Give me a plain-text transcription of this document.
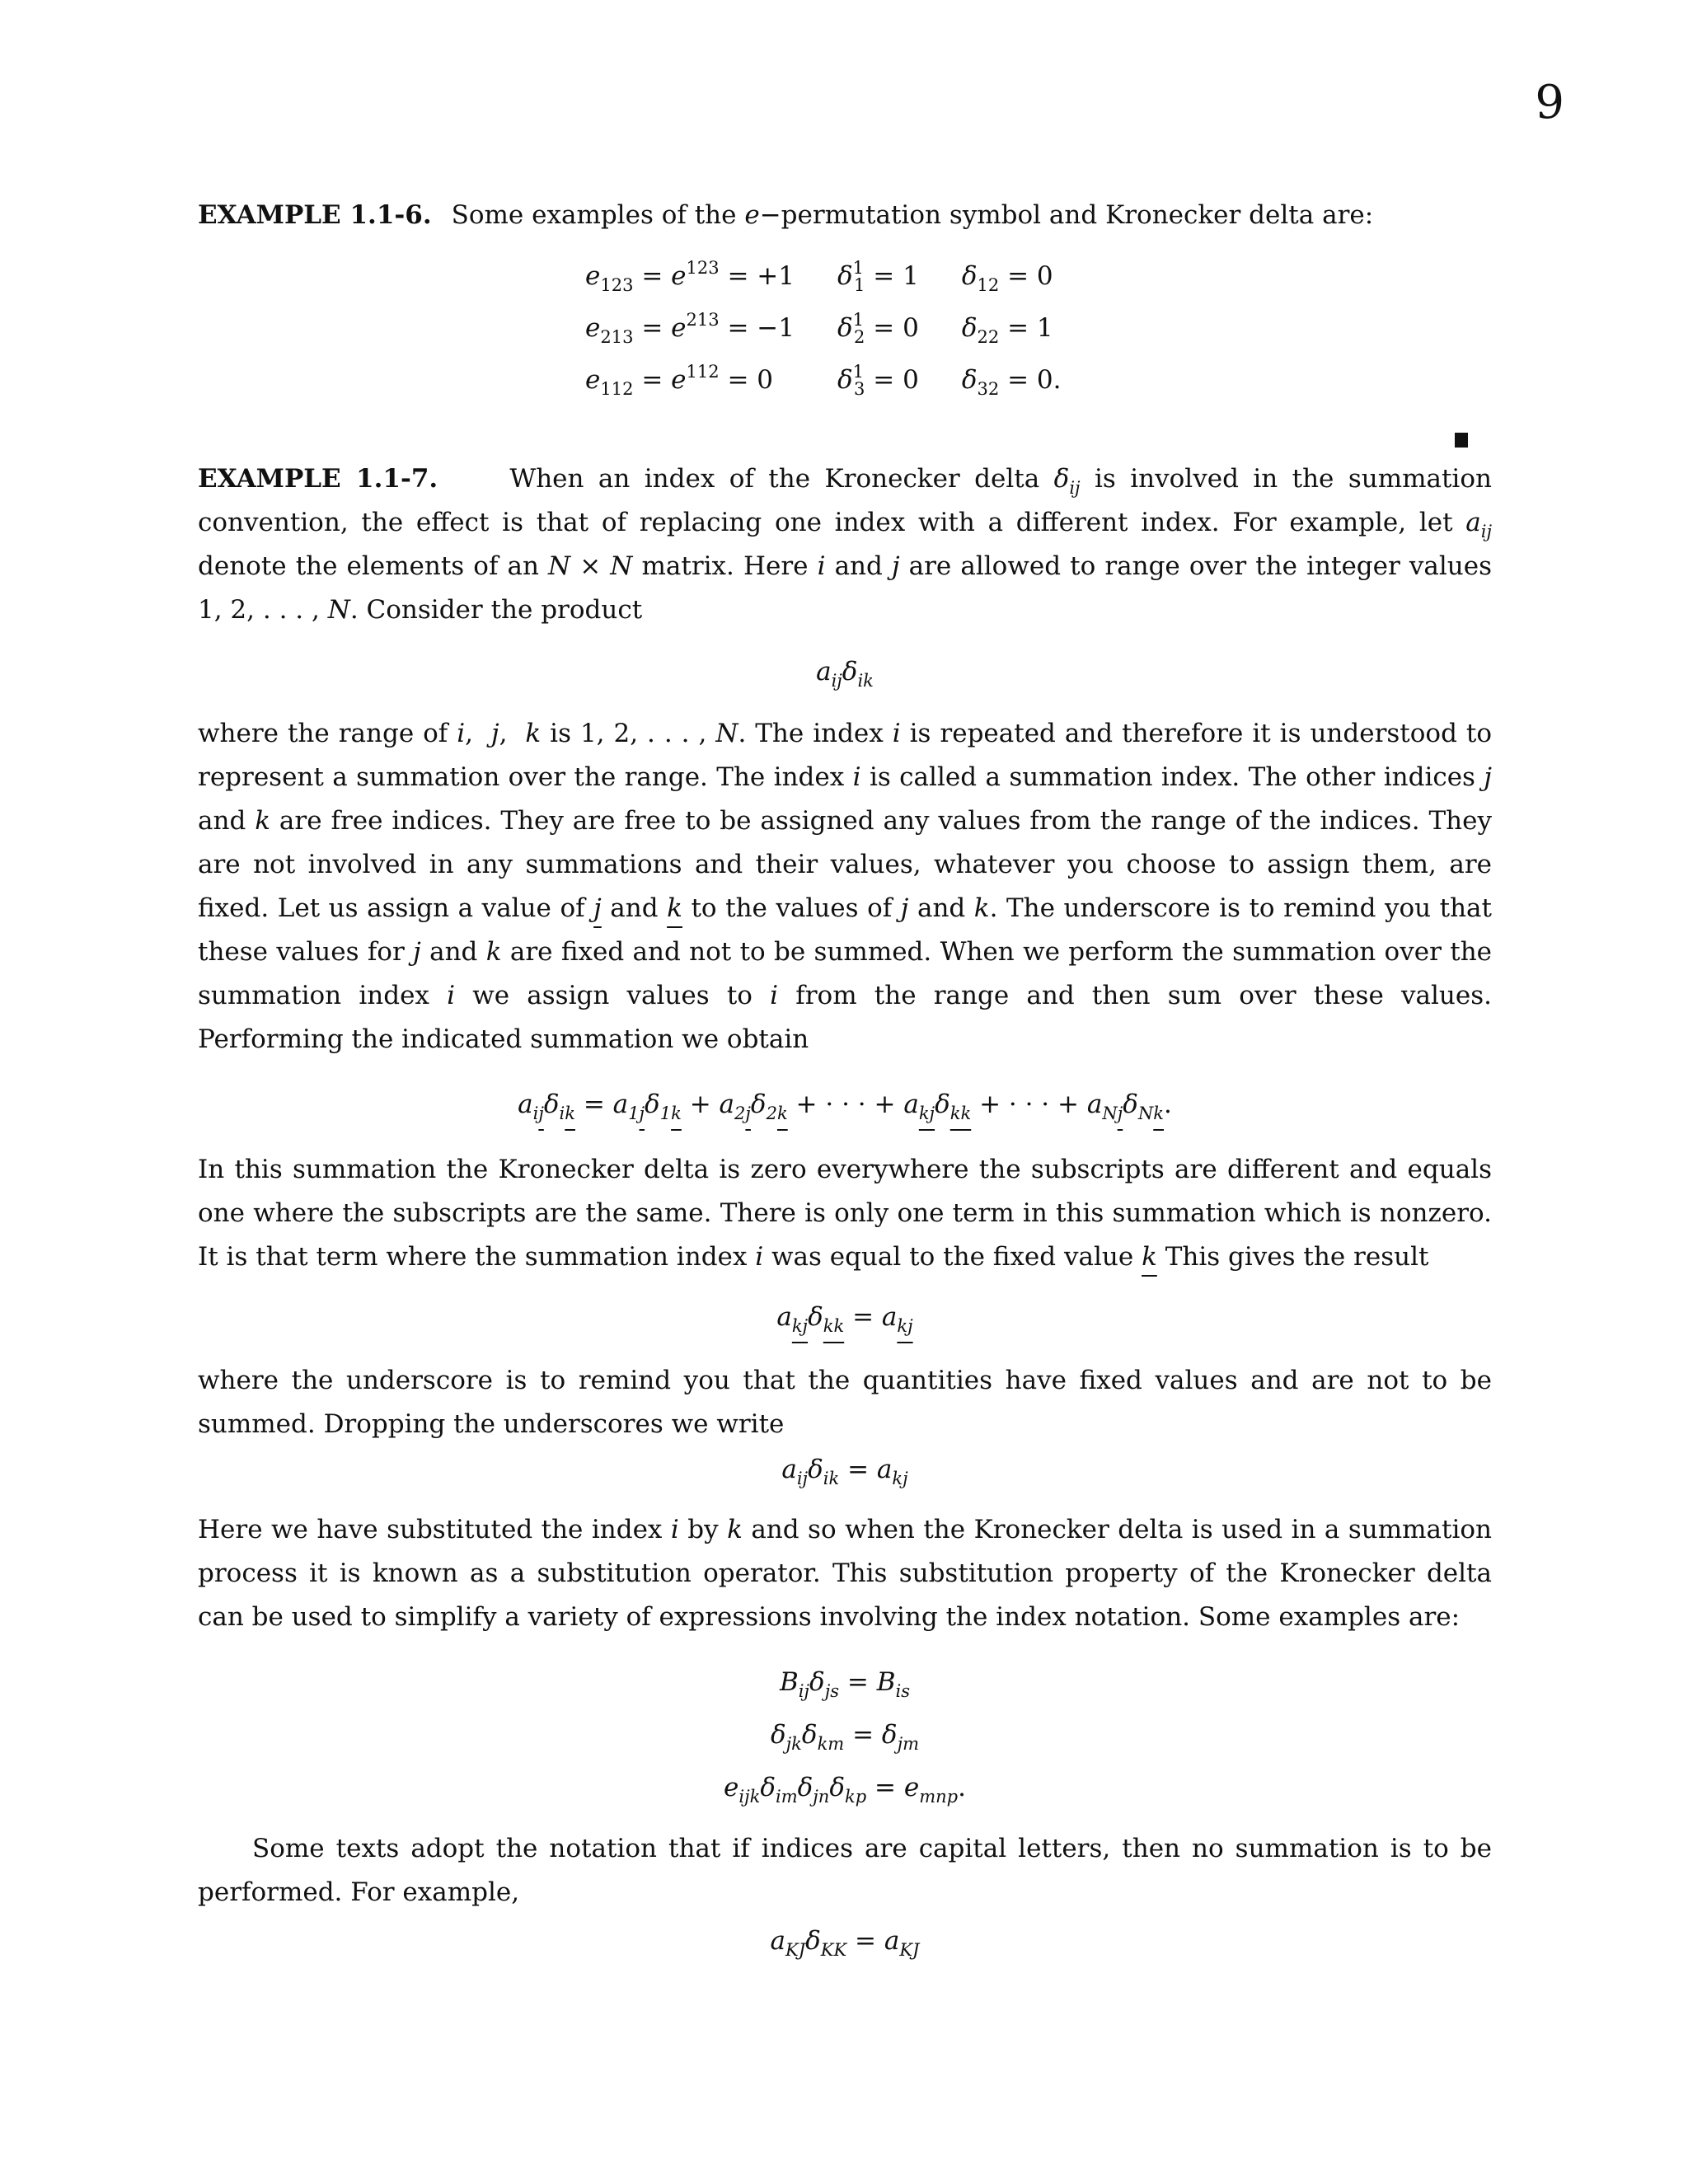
9

EXAMPLE 1.1-6. Some examples of the e−permutation symbol and Kronecker delta are:

$e_{123} = e^{123} = +1$	$\delta^1_1 = 1$	$\delta_{12} = 0$
$e_{213} = e^{213} = -1$	$\delta^1_2 = 0$	$\delta_{22} = 1$
$e_{112} = e^{112} = 0$	$\delta^1_3 = 0$	$\delta_{32} = 0$.

EXAMPLE 1.1-7.     When an index of the Kronecker delta $\delta_{ij}$ is involved in the summation convention, the effect is that of replacing one index with a different index. For example, let $a_{ij}$ denote the elements of an N × N matrix. Here i and j are allowed to range over the integer values 1, 2, . . . , N. Consider the product

$a_{ij}\delta_{ik}$

where the range of i,  j,  k is 1, 2, . . . , N. The index i is repeated and therefore it is understood to represent a summation over the range. The index i is called a summation index. The other indices j and k are free indices. They are free to be assigned any values from the range of the indices. They are not involved in any summations and their values, whatever you choose to assign them, are fixed. Let us assign a value of j and k to the values of j and k. The underscore is to remind you that these values for j and k are fixed and not to be summed. When we perform the summation over the summation index i we assign values to i from the range and then sum over these values. Performing the indicated summation we obtain

$a_{ij}\delta_{ik} = a_{1j}\delta_{1k} + a_{2j}\delta_{2k}$ + · · · + $a_{kj}\delta_{kk}$ + · · · + $a_{Nj}\delta_{Nk}$.

In this summation the Kronecker delta is zero everywhere the subscripts are different and equals one where the subscripts are the same. There is only one term in this summation which is nonzero. It is that term where the summation index i was equal to the fixed value k This gives the result

$a_{kj}\delta_{kk} = a_{kj}$

where the underscore is to remind you that the quantities have fixed values and are not to be summed. Dropping the underscores we write

$a_{ij}\delta_{ik} = a_{kj}$

Here we have substituted the index i by k and so when the Kronecker delta is used in a summation process it is known as a substitution operator. This substitution property of the Kronecker delta can be used to simplify a variety of expressions involving the index notation. Some examples are:

$B_{ij}\delta_{js} = B_{is}$
$\delta_{jk}\delta_{km} = \delta_{jm}$
$e_{ijk}\delta_{im}\delta_{jn}\delta_{kp} = e_{mnp}$.

Some texts adopt the notation that if indices are capital letters, then no summation is to be performed. For example,

$a_{KJ}\delta_{KK} = a_{KJ}$
